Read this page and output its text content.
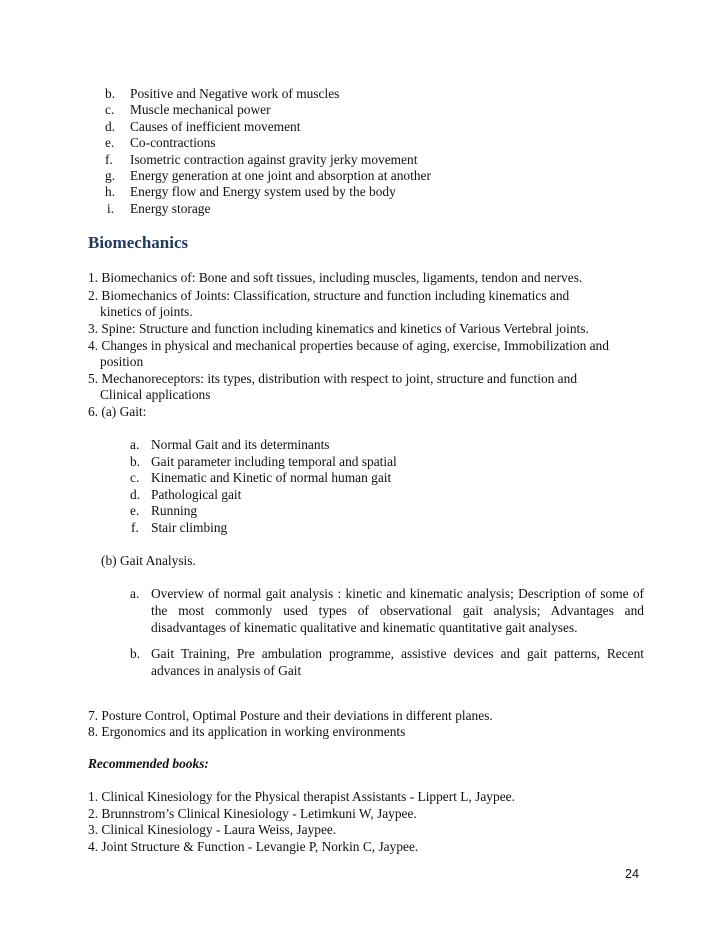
b. Positive and Negative work of muscles
c. Muscle mechanical power
d. Causes of inefficient movement
e. Co-contractions
f. Isometric contraction against gravity jerky movement
g. Energy generation at one joint and absorption at another
h. Energy flow and Energy system used by the body
i. Energy storage
Biomechanics
1. Biomechanics of: Bone and soft tissues, including muscles, ligaments, tendon and nerves.
2. Biomechanics of Joints: Classification, structure and function including kinematics and
kinetics of joints.
3. Spine: Structure and function including kinematics and kinetics of Various Vertebral joints.
4. Changes in physical and mechanical properties because of aging, exercise, Immobilization and
position
5. Mechanoreceptors: its types, distribution with respect to joint, structure and function and
Clinical applications
6. (a) Gait:
a. Normal Gait and its determinants
b. Gait parameter including temporal and spatial
c. Kinematic and Kinetic of normal human gait
d. Pathological gait
e. Running
f. Stair climbing
(b) Gait Analysis.
a. Overview of normal gait analysis : kinetic and kinematic analysis; Description of some of the most commonly used types of observational gait analysis; Advantages and disadvantages of kinematic qualitative and kinematic quantitative gait analyses.
b. Gait Training, Pre ambulation programme, assistive devices and gait patterns, Recent advances in analysis of Gait
7. Posture Control, Optimal Posture and their deviations in different planes.
8. Ergonomics and its application in working environments
Recommended books:
1. Clinical Kinesiology for the Physical therapist Assistants - Lippert L, Jaypee.
2. Brunnstrom’s Clinical Kinesiology - Letimkuni W, Jaypee.
3. Clinical Kinesiology - Laura Weiss, Jaypee.
4. Joint Structure & Function - Levangie P, Norkin C, Jaypee.
24
